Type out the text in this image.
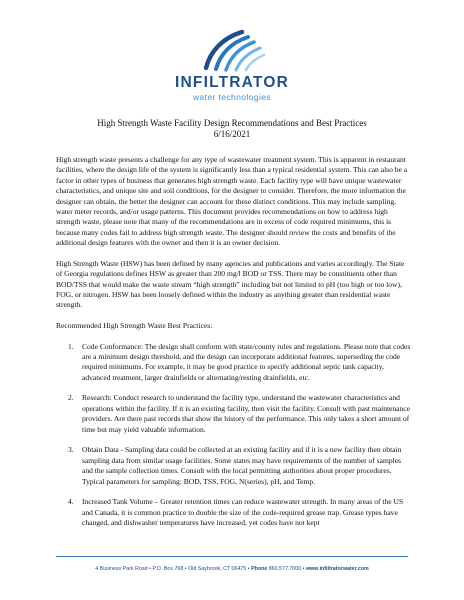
INFILTRATOR
water technologies
High Strength Waste Facility Design Recommendations and Best Practices
6/16/2021

High strength waste presents a challenge for any type of wastewater treatment system. This is apparent in restaurant facilities, where the design life of the system is significantly less than a typical residential system. This can also be a factor in other types of business that generates high strength waste. Each facility type will have unique wastewater characteristics, and unique site and soil conditions, for the designer to consider. Therefore, the more information the designer can obtain, the better the designer can account for these distinct conditions. This may include sampling, water meter records, and/or usage patterns. This document provides recommendations on how to address high strength waste, please note that many of the recommendations are in excess of code required minimums, this is because many codes fail to address high strength waste. The designer should review the costs and benefits of the additional design features with the owner and then it is an owner decision.

High Strength Waste (HSW) has been defined by many agencies and publications and varies accordingly. The State of Georgia regulations defines HSW as greater than 200 mg/l BOD or TSS. There may be constituents other than BOD/TSS that would make the waste stream “high strength” including but not limited to pH (too high or too low), FOG, or nitrogen. HSW has been loosely defined within the industry as anything greater than residential waste strength.

Recommended High Strength Waste Best Practices:

1. Code Conformance: The design shall conform with state/county rules and regulations. Please note that codes are a minimum design threshold, and the design can incorporate additional features, superseding the code required minimums. For example, it may be good practice to specify additional septic tank capacity, advanced treatment, larger drainfields or alternating/resting drainfields, etc.
2. Research: Conduct research to understand the facility type, understand the wastewater characteristics and operations within the facility. If it is an existing facility, then visit the facility. Consult with past maintenance providers. Are there past records that show the history of the performance. This only takes a short amount of time but may yield valuable information.
3. Obtain Data - Sampling data could be collected at an existing facility and if it is a new facility then obtain sampling data from similar usage facilities. Some states may have requirements of the number of samples and the sample collection times. Consult with the local permitting authorities about proper procedures. Typical parameters for sampling: BOD, TSS, FOG, N(series), pH, and Temp.
4. Increased Tank Volume – Greater retention times can reduce wastewater strength. In many areas of the US and Canada, it is common practice to double the size of the code-required grease trap. Grease types have changed, and dishwasher temperatures have increased, yet codes have not kept
4 Business Park Road • P.O. Box 768 • Old Saybrook, CT 06475 • Phone 860.577.7000 • www.infiltratorwater.com
